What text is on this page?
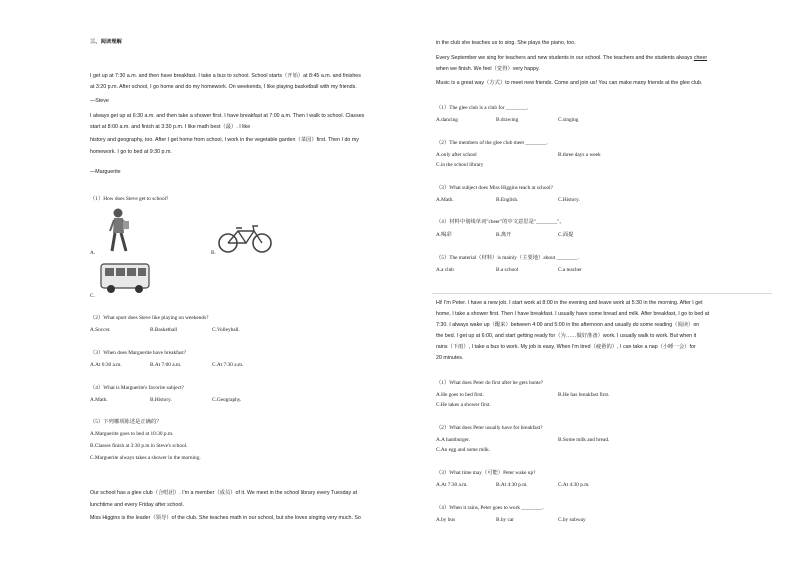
三、阅读理解
I get up at 7:30 a.m. and then have breakfast. I take a bus to school. School starts（开始）at 8:45 a.m. and finishes
at 3:20 p.m. After school, I go home and do my homework. On weekends, I like playing basketball with my friends.
—Steve
I always get up at 6:30 a.m. and then take a shower first. I have breakfast at 7:00 a.m. Then I walk to school. Classes
start at 8:00 a.m. and finish at 3:30 p.m. I like math best（最）. I like
history and geography, too. After I get home from school, I work in the vegetable garden（菜园）first. Then I do my
homework. I go to bed at 9:30 p.m.
—Marguerite
（1）How does Steve get to school?
A.	B.
C.
（2）What sport does Steve like playing on weekends?
A.Soccer.	B.Basketball	C.Volleyball.
（3）When does Marguerite have breakfast?
A.At 6:30 a.m.	B.At 7:00 a.m.	C.At 7:30 a.m.
（4）What is Marguerite's favorite subject?
A.Math.	B.History.	C.Geography.
（5）下列哪项陈述是正确的？
A.Marguerite goes to bed at 10:30 p.m.
B.Classes finish at 3:30 p.m in Steve's school.
C.Marguerite always takes a shower in the morning.
Our school has a glee club（合唱团）. I'm a member（成员）of it. We meet in the school library every Tuesday at
lunchtime and every Friday after school.
Miss Higgins is the leader（领导）of the club. She teaches math in our school, but she loves singing very much. So
in the club she teaches us to sing. She plays the piano, too.
Every September we sing for teachers and new students in our school. The teachers and the students always cheer
when we finish. We feel（觉得）very happy.
Music is a great way（方式）to meet new friends. Come and join us! You can make many friends at the glee club.
（1）The glee club is a club for ________.
A.dancing	B.drawing	C.singing
（2）The members of the glee club meet ________.
A.only after school	B.three days a week
C.in the school library
（3）What subject does Miss Higgins teach at school?
A.Math.	B.English.	C.History.
（4）材料中划线单词"cheer"的中文意思是"________"。
A.喝彩	B.离开	C.面提
（5）The material（材料）is mainly（主要地）about ________.
A.a club	B.a school	C.a teacher
Hi! I'm Peter. I have a new job. I start work at 8:00 in the evening and leave work at 5:30 in the morning. After I get
home, I take a shower first. Then I have breakfast. I usually have some bread and milk. After breakfast, I go to bed at
7:30. I always wake up（醒来）between 4:00 and 5:00 in the afternoon and usually do some reading（阅读）on
the bed. I get up at 6:00, and start getting ready for（为……做好准备）work. I usually walk to work. But when it
rains（下雨）, I take a bus to work. My job is easy. When I'm tired（疲惫的）, I can take a nap（小睡一会）for
20 minutes.
（1）What does Peter do first after he gets home?
A.He goes to bed first.	B.He has breakfast first.
C.He takes a shower first.
（2）What does Peter usually have for breakfast?
A.A hamburger.	B.Some milk and bread.
C.An egg and some milk.
（3）What time may（可能）Peter wake up?
A.At 7:30 a.m.	B.At 4:30 p.m.	C.At 4:30 p.m.
（4）When it rains, Peter goes to work ________.
A.by bus	B.by car	C.by subway
